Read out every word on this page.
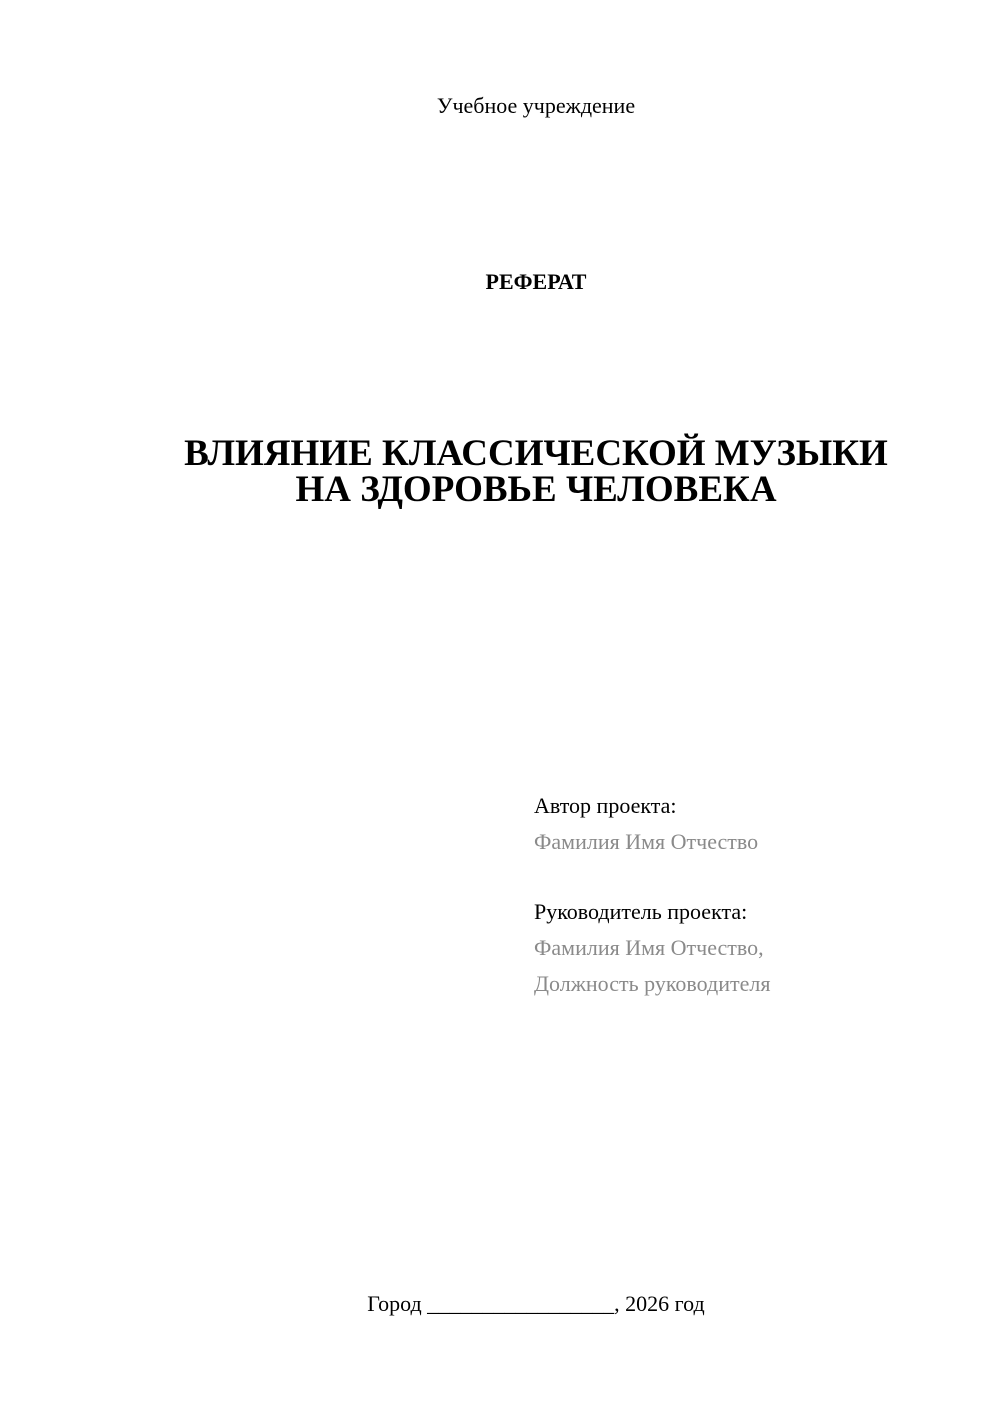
Учебное учреждение
РЕФЕРАТ
ВЛИЯНИЕ КЛАССИЧЕСКОЙ МУЗЫКИ
НА ЗДОРОВЬЕ ЧЕЛОВЕКА
Автор проекта:
Фамилия Имя Отчество
Руководитель проекта:
Фамилия Имя Отчество,
Должность руководителя
Город _________________, 2026 год
